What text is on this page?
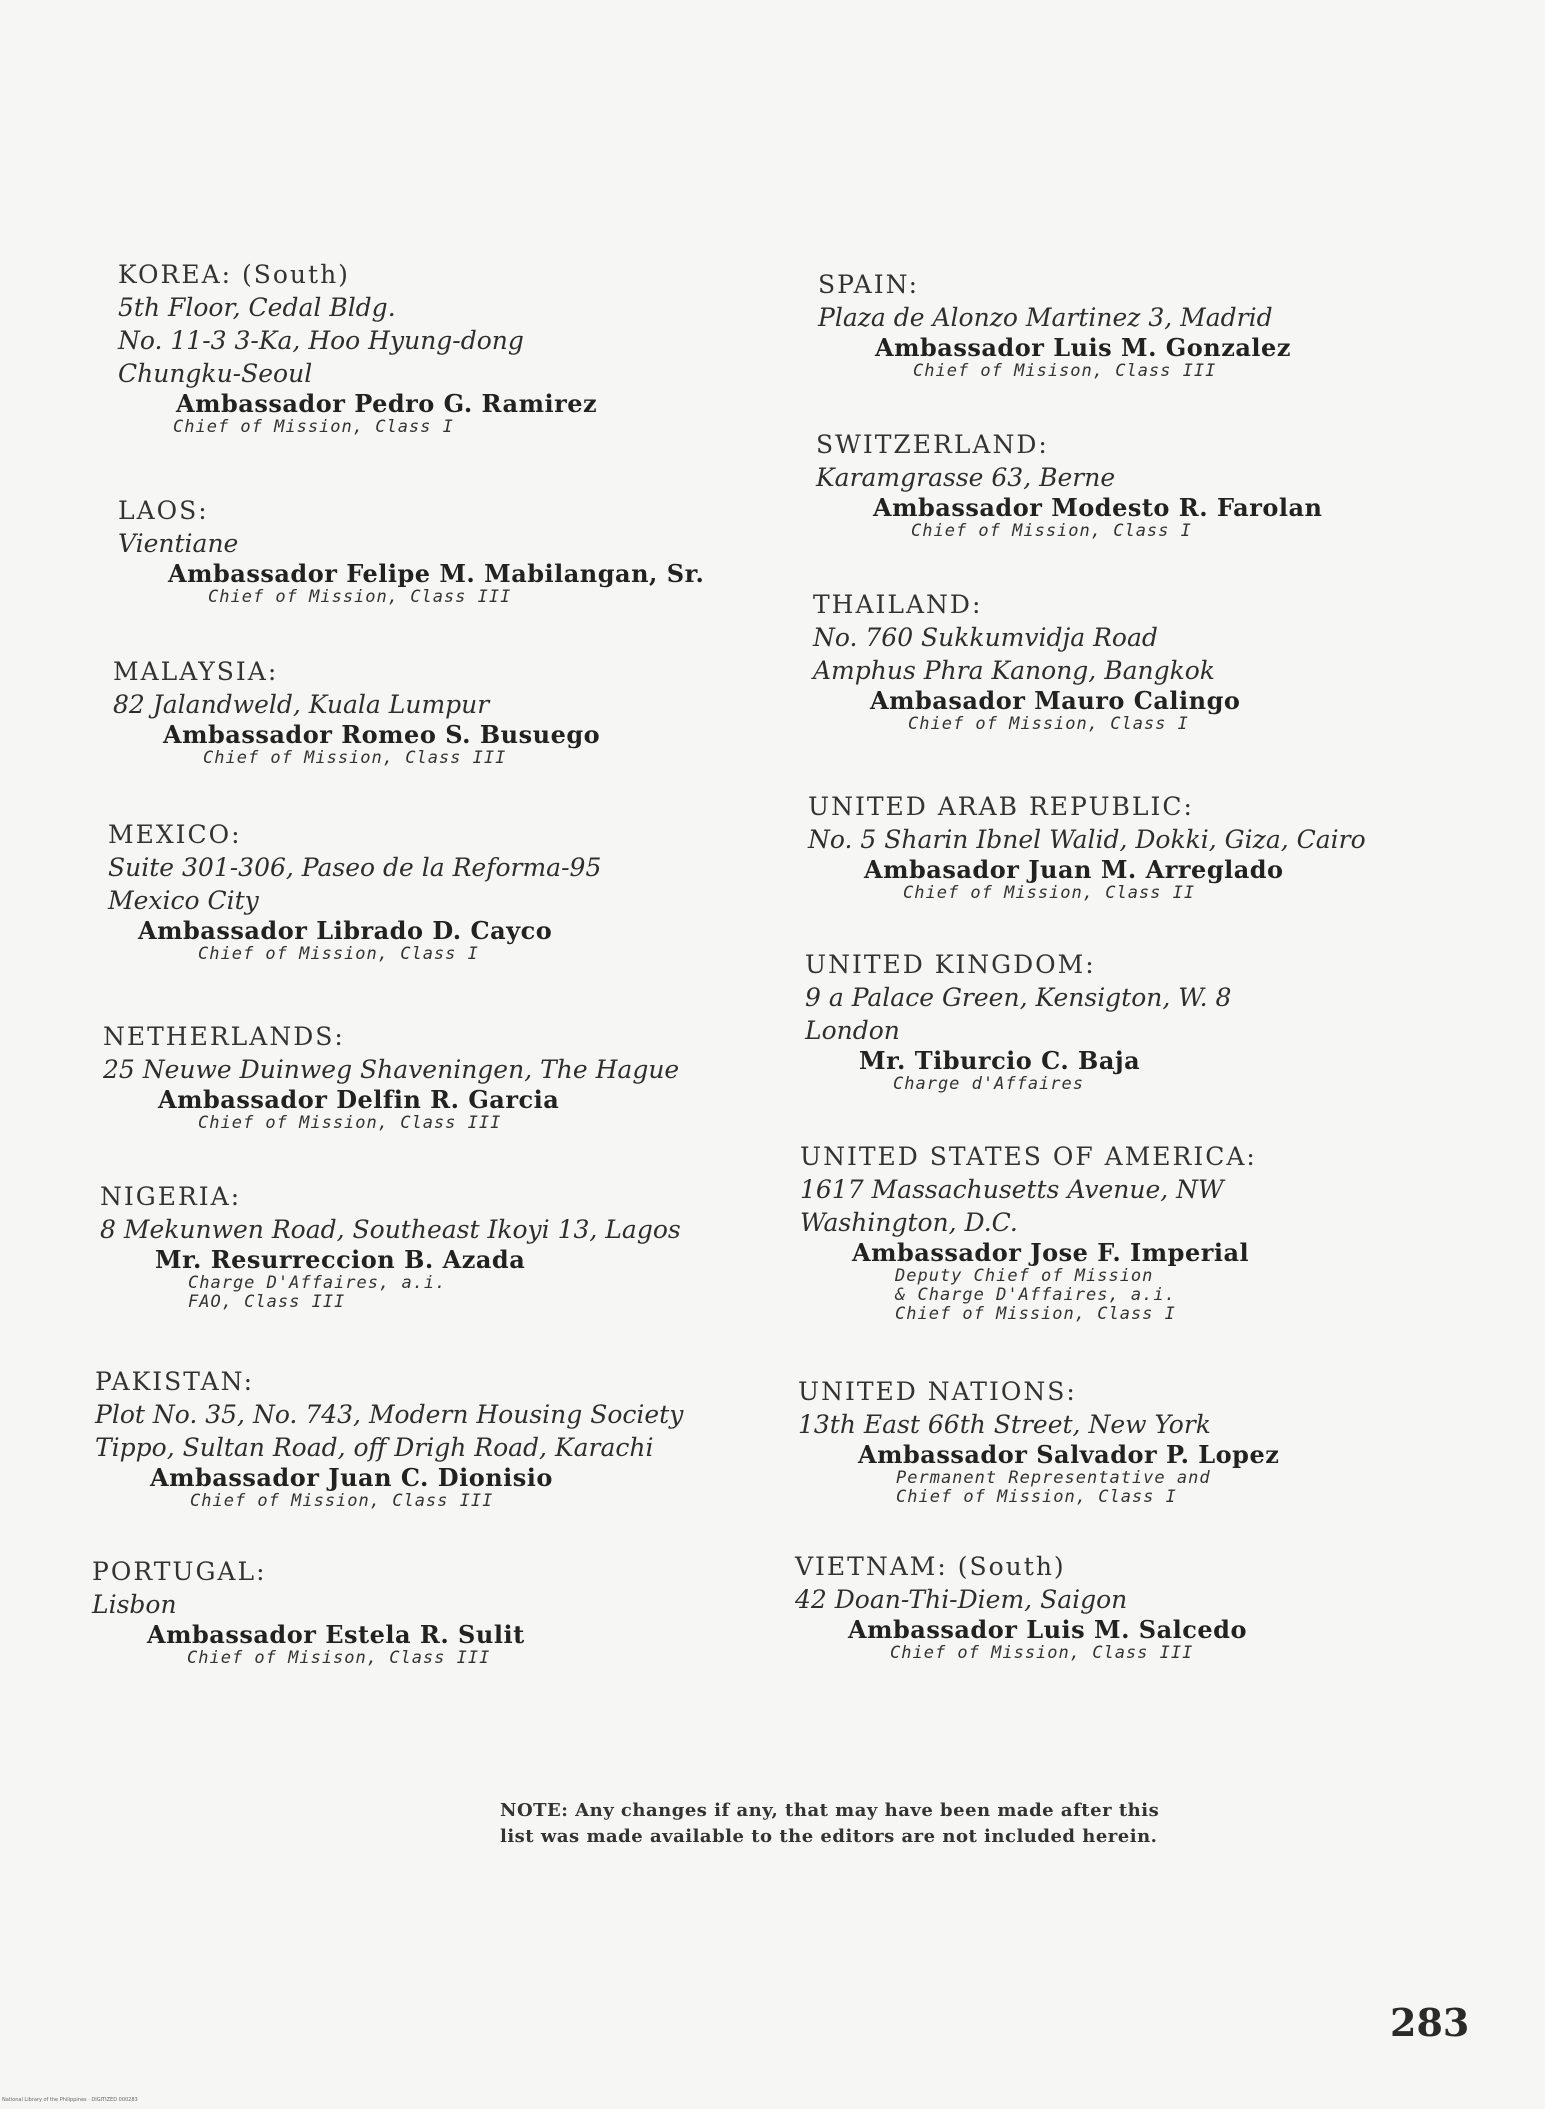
KOREA: (South)
5th Floor, Cedal Bldg.
No. 11-3 3-Ka, Hoo Hyung-dong
Chungku-Seoul
Ambassador Pedro G. Ramirez
Chief of Mission, Class I
LAOS:
Vientiane
Ambassador Felipe M. Mabilangan, Sr.
Chief of Mission, Class III
MALAYSIA:
82 Jalandweld, Kuala Lumpur
Ambassador Romeo S. Busuego
Chief of Mission, Class III
MEXICO:
Suite 301-306, Paseo de la Reforma-95
Mexico City
Ambassador Librado D. Cayco
Chief of Mission, Class I
NETHERLANDS:
25 Neuwe Duinweg Shaveningen, The Hague
Ambassador Delfin R. Garcia
Chief of Mission, Class III
NIGERIA:
8 Mekunwen Road, Southeast Ikoyi 13, Lagos
Mr. Resurreccion B. Azada
Charge D'Affaires, a.i.
FAO, Class III
PAKISTAN:
Plot No. 35, No. 743, Modern Housing Society
Tippo, Sultan Road, off Drigh Road, Karachi
Ambassador Juan C. Dionisio
Chief of Mission, Class III
PORTUGAL:
Lisbon
Ambassador Estela R. Sulit
Chief of Misison, Class III
SPAIN:
Plaza de Alonzo Martinez 3, Madrid
Ambassador Luis M. Gonzalez
Chief of Misison, Class III
SWITZERLAND:
Karamgrasse 63, Berne
Ambassador Modesto R. Farolan
Chief of Mission, Class I
THAILAND:
No. 760 Sukkumvidja Road
Amphus Phra Kanong, Bangkok
Ambasador Mauro Calingo
Chief of Mission, Class I
UNITED ARAB REPUBLIC:
No. 5 Sharin Ibnel Walid, Dokki, Giza, Cairo
Ambasador Juan M. Arreglado
Chief of Mission, Class II
UNITED KINGDOM:
9 a Palace Green, Kensigton, W. 8
London
Mr. Tiburcio C. Baja
Charge d'Affaires
UNITED STATES OF AMERICA:
1617 Massachusetts Avenue, NW
Washington, D.C.
Ambassador Jose F. Imperial
Deputy Chief of Mission
& Charge D'Affaires, a.i.
Chief of Mission, Class I
UNITED NATIONS:
13th East 66th Street, New York
Ambassador Salvador P. Lopez
Permanent Representative and
Chief of Mission, Class I
VIETNAM: (South)
42 Doan-Thi-Diem, Saigon
Ambassador Luis M. Salcedo
Chief of Mission, Class III
NOTE: Any changes if any, that may have been made after this list was made available to the editors are not included herein.
283
National Library of the Philippines · DIGITIZED 000283
